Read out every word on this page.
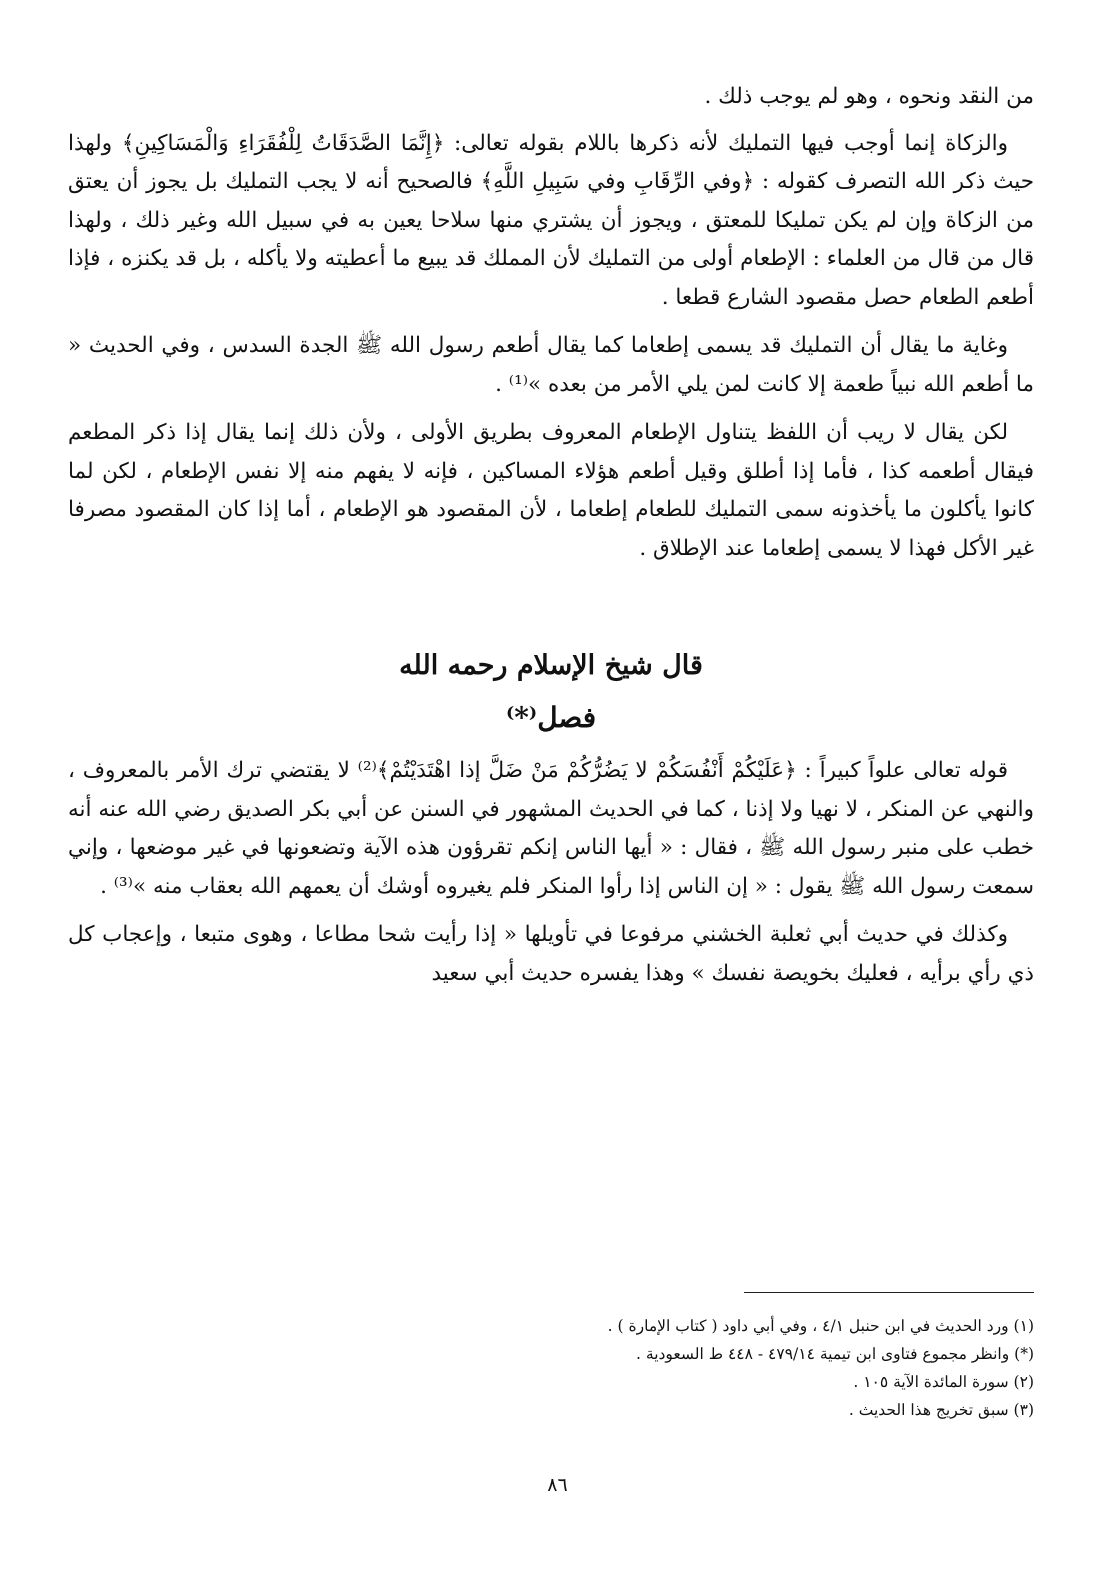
من النقد ونحوه ، وهو لم يوجب ذلك .

والزكاة إنما أوجب فيها التمليك لأنه ذكرها باللام بقوله تعالى: ﴿إِنَّمَا الصَّدَقَاتُ لِلْفُقَرَاءِ وَالْمَسَاكِينِ﴾ ولهذا حيث ذكر الله التصرف كقوله : ﴿وفي الرِّقَابِ وفي سَبِيلِ اللَّهِ﴾ فالصحيح أنه لا يجب التمليك بل يجوز أن يعتق من الزكاة وإن لم يكن تمليكا للمعتق ، ويجوز أن يشتري منها سلاحا يعين به في سبيل الله وغير ذلك ، ولهذا قال من قال من العلماء : الإطعام أولى من التمليك لأن المملك قد يبيع ما أعطيته ولا يأكله ، بل قد يكنزه ، فإذا أطعم الطعام حصل مقصود الشارع قطعا .

وغاية ما يقال أن التمليك قد يسمى إطعاما كما يقال أطعم رسول الله ﷺ الجدة السدس ، وفي الحديث « ما أطعم الله نبياً طعمة إلا كانت لمن يلي الأمر من بعده »⁽¹⁾ .

لكن يقال لا ريب أن اللفظ يتناول الإطعام المعروف بطريق الأولى ، ولأن ذلك إنما يقال إذا ذكر المطعم فيقال أطعمه كذا ، فأما إذا أطلق وقيل أطعم هؤلاء المساكين ، فإنه لا يفهم منه إلا نفس الإطعام ، لكن لما كانوا يأكلون ما يأخذونه سمى التمليك للطعام إطعاما ، لأن المقصود هو الإطعام ، أما إذا كان المقصود مصرفا غير الأكل فهذا لا يسمى إطعاما عند الإطلاق .

قال شيخ الإسلام رحمه الله
فصل⁽*⁾

قوله تعالى علواً كبيراً : ﴿عَلَيْكُمْ أَنْفُسَكُمْ لا يَضُرُّكُمْ مَنْ ضَلَّ إذا اهْتَدَيْتُمْ﴾⁽²⁾ لا يقتضي ترك الأمر بالمعروف ، والنهي عن المنكر ، لا نهيا ولا إذنا ، كما في الحديث المشهور في السنن عن أبي بكر الصديق رضي الله عنه أنه خطب على منبر رسول الله ﷺ ، فقال : « أيها الناس إنكم تقرؤون هذه الآية وتضعونها في غير موضعها ، وإني سمعت رسول الله ﷺ يقول : « إن الناس إذا رأوا المنكر فلم يغيروه أوشك أن يعمهم الله بعقاب منه »⁽³⁾ .

وكذلك في حديث أبي ثعلبة الخشني مرفوعا في تأويلها « إذا رأيت شحا مطاعا ، وهوى متبعا ، وإعجاب كل ذي رأي برأيه ، فعليك بخويصة نفسك » وهذا يفسره حديث أبي سعيد

(١) ورد الحديث في ابن حنبل ٤/١ ، وفي أبي داود ( كتاب الإمارة ) .

(*) وانظر مجموع فتاوى ابن تيمية ٤٧٩/١٤ - ٤٤٨ ط السعودية .

(٢) سورة المائدة الآية ١٠٥ .

(٣) سبق تخريج هذا الحديث .

٨٦
